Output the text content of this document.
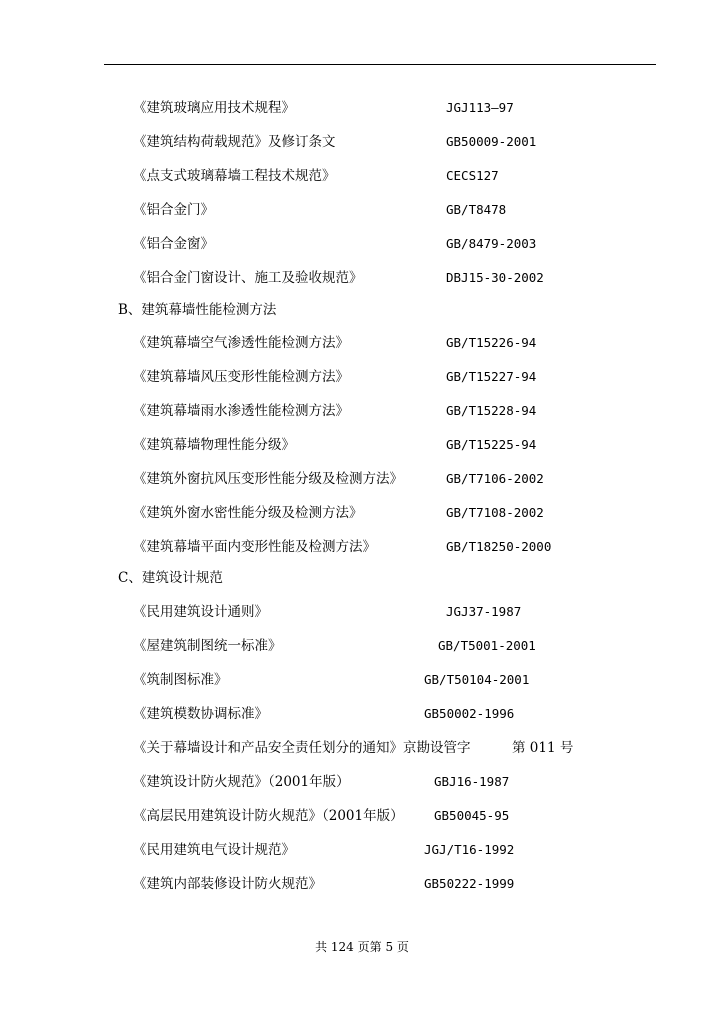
《建筑玻璃应用技术规程》	JGJ113—97
《建筑结构荷载规范》及修订条文	GB50009-2001
《点支式玻璃幕墙工程技术规范》	CECS127
《铝合金门》	GB/T8478
《铝合金窗》	GB/8479-2003
《铝合金门窗设计、施工及验收规范》	DBJ15-30-2002
B、建筑幕墙性能检测方法
《建筑幕墙空气渗透性能检测方法》	GB/T15226-94
《建筑幕墙风压变形性能检测方法》	GB/T15227-94
《建筑幕墙雨水渗透性能检测方法》	GB/T15228-94
《建筑幕墙物理性能分级》	GB/T15225-94
《建筑外窗抗风压变形性能分级及检测方法》	GB/T7106-2002
《建筑外窗水密性能分级及检测方法》	GB/T7108-2002
《建筑幕墙平面内变形性能及检测方法》	GB/T18250-2000
C、建筑设计规范
《民用建筑设计通则》	JGJ37-1987
《屋建筑制图统一标准》	GB/T5001-2001
《筑制图标准》	GB/T50104-2001
《建筑模数协调标准》	GB50002-1996
《关于幕墙设计和产品安全责任划分的通知》京勘设管字	第 011 号
《建筑设计防火规范》（2001年版）	GBJ16-1987
《高层民用建筑设计防火规范》（2001年版） GB50045-95
《民用建筑电气设计规范》	JGJ/T16-1992
《建筑内部装修设计防火规范》	GB50222-1999
共 124 页第 5 页
